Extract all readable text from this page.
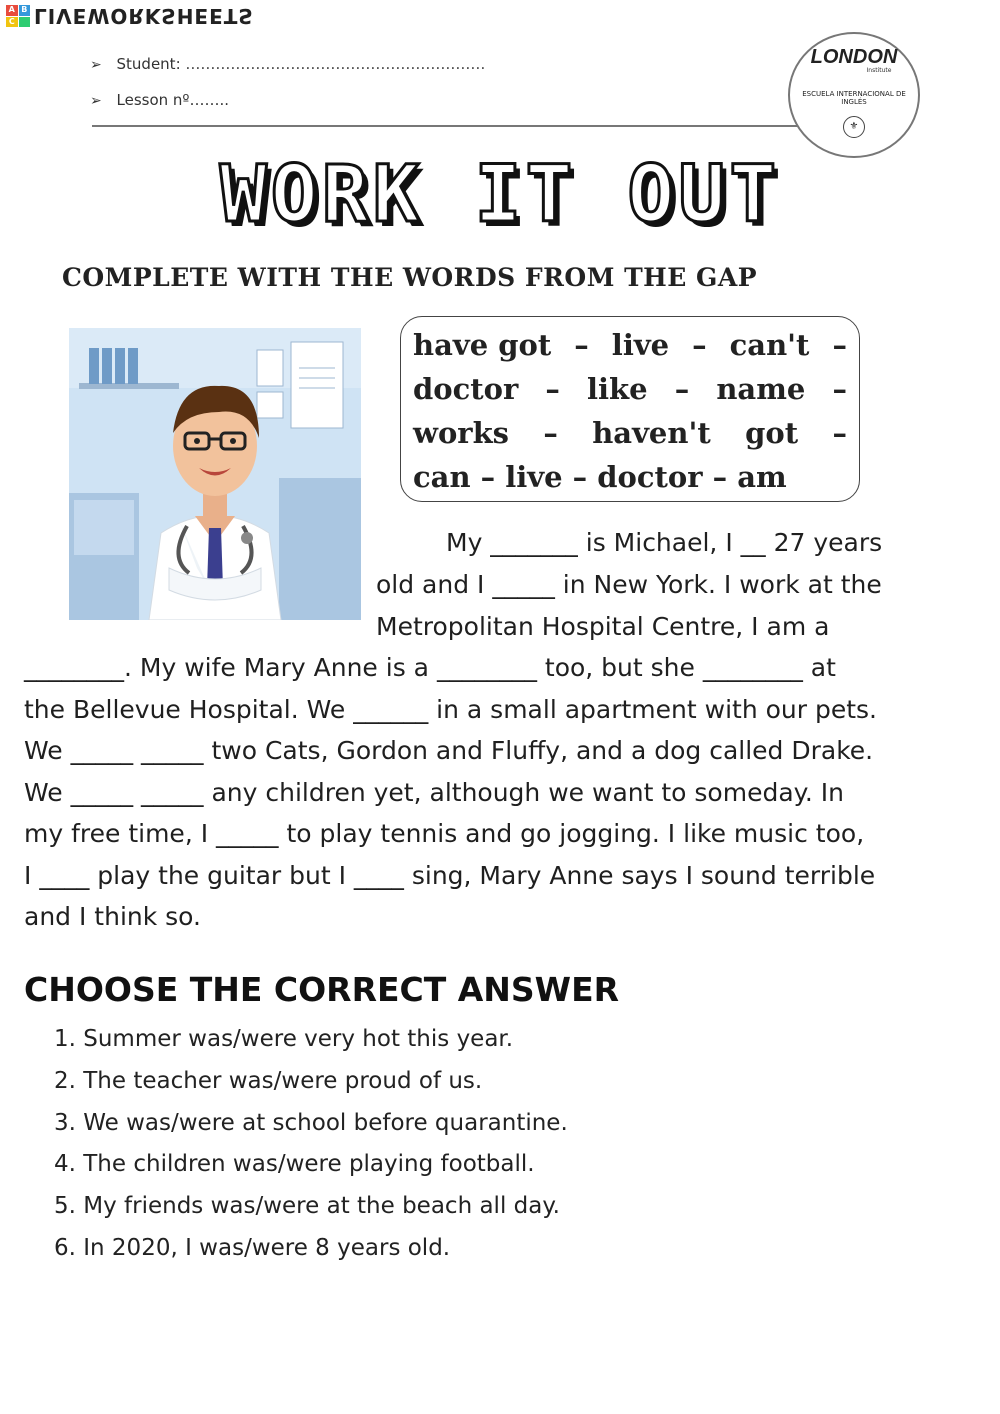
A B
C LIVEWORKSHEETS
➢ Student: ……………………………………………………
➢ Lesson nº……..
LONDON
Institute
ESCUELA INTERNACIONAL DE INGLÉS
⚜
WORK IT OUT
COMPLETE WITH THE WORDS FROM THE GAP
have got – live – can't –
doctor – like – name –
works – haven't got –
can – live – doctor – am
My _______ is Michael, I __ 27 years
old and I _____ in New York. I work at the
Metropolitan Hospital Centre, I am a
________. My wife Mary Anne is a ________ too, but she ________ at
the Bellevue Hospital. We ______ in a small apartment with our pets.
We _____ _____ two Cats, Gordon and Fluffy, and a dog called Drake.
We _____ _____ any children yet, although we want to someday. In
my free time, I _____ to play tennis and go jogging. I like music too,
I ____ play the guitar but I ____ sing, Mary Anne says I sound terrible
and I think so.
CHOOSE THE CORRECT ANSWER
1. Summer was/were very hot this year.
2. The teacher was/were proud of us.
3. We was/were at school before quarantine.
4. The children was/were playing football.
5. My friends was/were at the beach all day.
6. In 2020, I was/were 8 years old.
